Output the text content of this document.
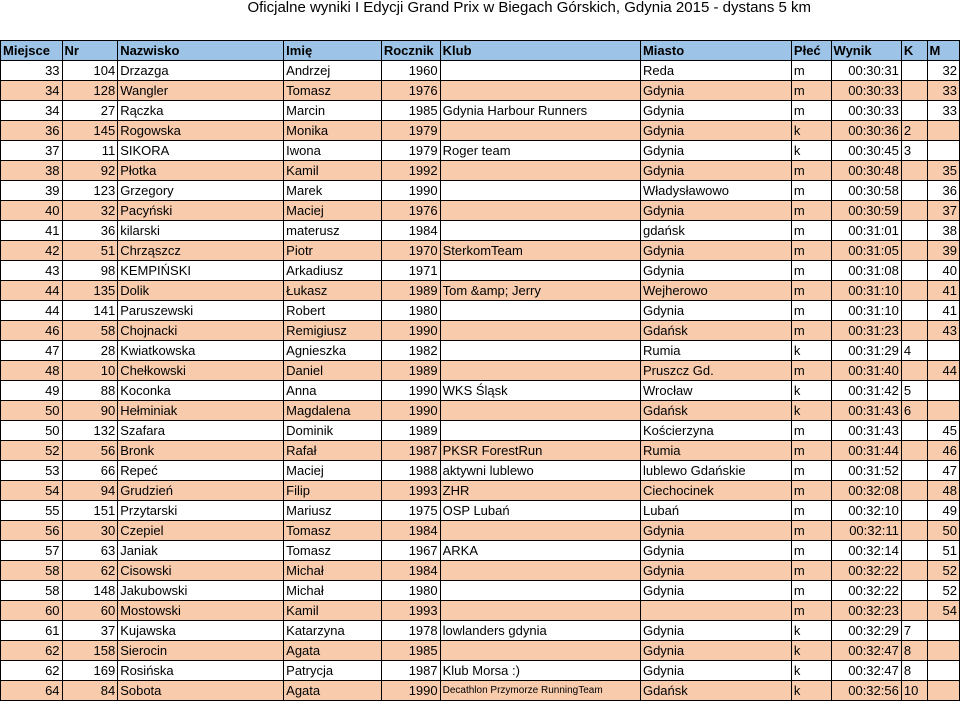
Oficjalne wyniki I Edycji Grand Prix w Biegach Górskich, Gdynia 2015 - dystans 5 km
Miejsce	Nr	Nazwisko	Imię	Rocznik	Klub	Miasto	Płeć	Wynik	K	M
33	104	Drzazga	Andrzej	1960		Reda	m	00:30:31		32
34	128	Wangler	Tomasz	1976		Gdynia	m	00:30:33		33
34	27	Rączka	Marcin	1985	Gdynia Harbour Runners	Gdynia	m	00:30:33		33
36	145	Rogowska	Monika	1979		Gdynia	k	00:30:36	2	
37	11	SIKORA	Iwona	1979	Roger team	Gdynia	k	00:30:45	3	
38	92	Płotka	Kamil	1992		Gdynia	m	00:30:48		35
39	123	Grzegory	Marek	1990		Władysławowo	m	00:30:58		36
40	32	Pacyński	Maciej	1976		Gdynia	m	00:30:59		37
41	36	kilarski	materusz	1984		gdańsk	m	00:31:01		38
42	51	Chrząszcz	Piotr	1970	SterkomTeam	Gdynia	m	00:31:05		39
43	98	KEMPIŃSKI	Arkadiusz	1971		Gdynia	m	00:31:08		40
44	135	Dolik	Łukasz	1989	Tom &amp; Jerry	Wejherowo	m	00:31:10		41
44	141	Paruszewski	Robert	1980		Gdynia	m	00:31:10		41
46	58	Chojnacki	Remigiusz	1990		Gdańsk	m	00:31:23		43
47	28	Kwiatkowska	Agnieszka	1982		Rumia	k	00:31:29	4	
48	10	Chełkowski	Daniel	1989		Pruszcz Gd.	m	00:31:40		44
49	88	Koconka	Anna	1990	WKS Śląsk	Wrocław	k	00:31:42	5	
50	90	Hełminiak	Magdalena	1990		Gdańsk	k	00:31:43	6	
50	132	Szafara	Dominik	1989		Kościerzyna	m	00:31:43		45
52	56	Bronk	Rafał	1987	PKSR ForestRun	Rumia	m	00:31:44		46
53	66	Repeć	Maciej	1988	aktywni lublewo	lublewo Gdańskie	m	00:31:52		47
54	94	Grudzień	Filip	1993	ZHR	Ciechocinek	m	00:32:08		48
55	151	Przytarski	Mariusz	1975	OSP Lubań	Lubań	m	00:32:10		49
56	30	Czepiel	Tomasz	1984		Gdynia	m	00:32:11		50
57	63	Janiak	Tomasz	1967	ARKA	Gdynia	m	00:32:14		51
58	62	Cisowski	Michał	1984		Gdynia	m	00:32:22		52
58	148	Jakubowski	Michał	1980		Gdynia	m	00:32:22		52
60	60	Mostowski	Kamil	1993			m	00:32:23		54
61	37	Kujawska	Katarzyna	1978	lowlanders gdynia	Gdynia	k	00:32:29	7	
62	158	Sierocin	Agata	1985		Gdynia	k	00:32:47	8	
62	169	Rosińska	Patrycja	1987	Klub Morsa :)	Gdynia	k	00:32:47	8	
64	84	Sobota	Agata	1990	Decathlon Przymorze RunningTeam	Gdańsk	k	00:32:56	10	
